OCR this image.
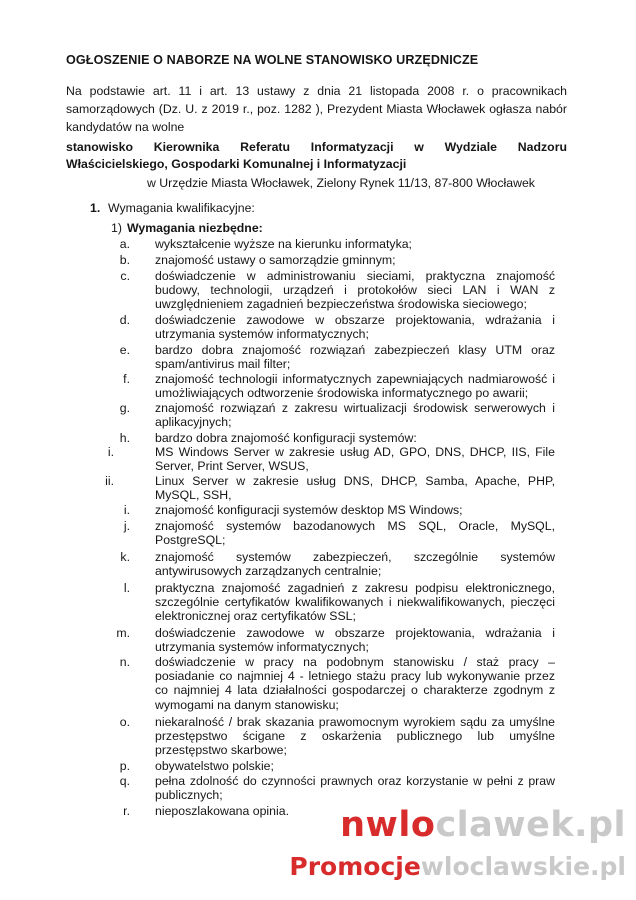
OGŁOSZENIE O NABORZE NA WOLNE STANOWISKO URZĘDNICZE
Na podstawie art. 11 i art. 13 ustawy z dnia 21 listopada 2008 r. o pracownikach samorządowych (Dz. U. z 2019 r., poz. 1282 ), Prezydent Miasta Włocławek ogłasza nabór kandydatów na wolne
stanowisko Kierownika Referatu Informatyzacji w Wydziale Nadzoru
Właścicielskiego, Gospodarki Komunalnej i Informatyzacji
w Urzędzie Miasta Włocławek, Zielony Rynek 11/13, 87-800 Włocławek
1. Wymagania kwalifikacyjne:
1) Wymagania niezbędne:
a. wykształcenie wyższe na kierunku informatyka;
b. znajomość ustawy o samorządzie gminnym;
c. doświadczenie w administrowaniu sieciami, praktyczna znajomość budowy, technologii, urządzeń i protokołów sieci LAN i WAN z uwzględnieniem zagadnień bezpieczeństwa środowiska sieciowego;
d. doświadczenie zawodowe w obszarze projektowania, wdrażania i utrzymania systemów informatycznych;
e. bardzo dobra znajomość rozwiązań zabezpieczeń klasy UTM oraz spam/antivirus mail filter;
f. znajomość technologii informatycznych zapewniających nadmiarowość i umożliwiających odtworzenie środowiska informatycznego po awarii;
g. znajomość rozwiązań z zakresu wirtualizacji środowisk serwerowych i aplikacyjnych;
h. bardzo dobra znajomość konfiguracji systemów:
i.	MS Windows Server w zakresie usług AD, GPO, DNS, DHCP, IIS, File Server, Print Server, WSUS,
ii.	Linux Server w zakresie usług DNS, DHCP, Samba, Apache, PHP, MySQL, SSH,
i. znajomość konfiguracji systemów desktop MS Windows;
j. znajomość systemów bazodanowych MS SQL, Oracle, MySQL, PostgreSQL;
k. znajomość systemów zabezpieczeń, szczególnie systemów antywirusowych zarządzanych centralnie;
l. praktyczna znajomość zagadnień z zakresu podpisu elektronicznego, szczególnie certyfikatów kwalifikowanych i niekwalifikowanych, pieczęci elektronicznej oraz certyfikatów SSL;
m. doświadczenie zawodowe w obszarze projektowania, wdrażania i utrzymania systemów informatycznych;
n. doświadczenie w pracy na podobnym stanowisku / staż pracy – posiadanie co najmniej 4 - letniego stażu pracy lub wykonywanie przez co najmniej 4 lata działalności gospodarczej o charakterze zgodnym z wymogami na danym stanowisku;
o. niekaralność / brak skazania prawomocnym wyrokiem sądu za umyślne przestępstwo ścigane z oskarżenia publicznego lub umyślne przestępstwo skarbowe;
p. obywatelstwo polskie;
q. pełna zdolność do czynności prawnych oraz korzystanie w pełni z praw publicznych;
r. nieposzlakowana opinia.	nwloclawek.pl
Promocjewloclawskie.pl
